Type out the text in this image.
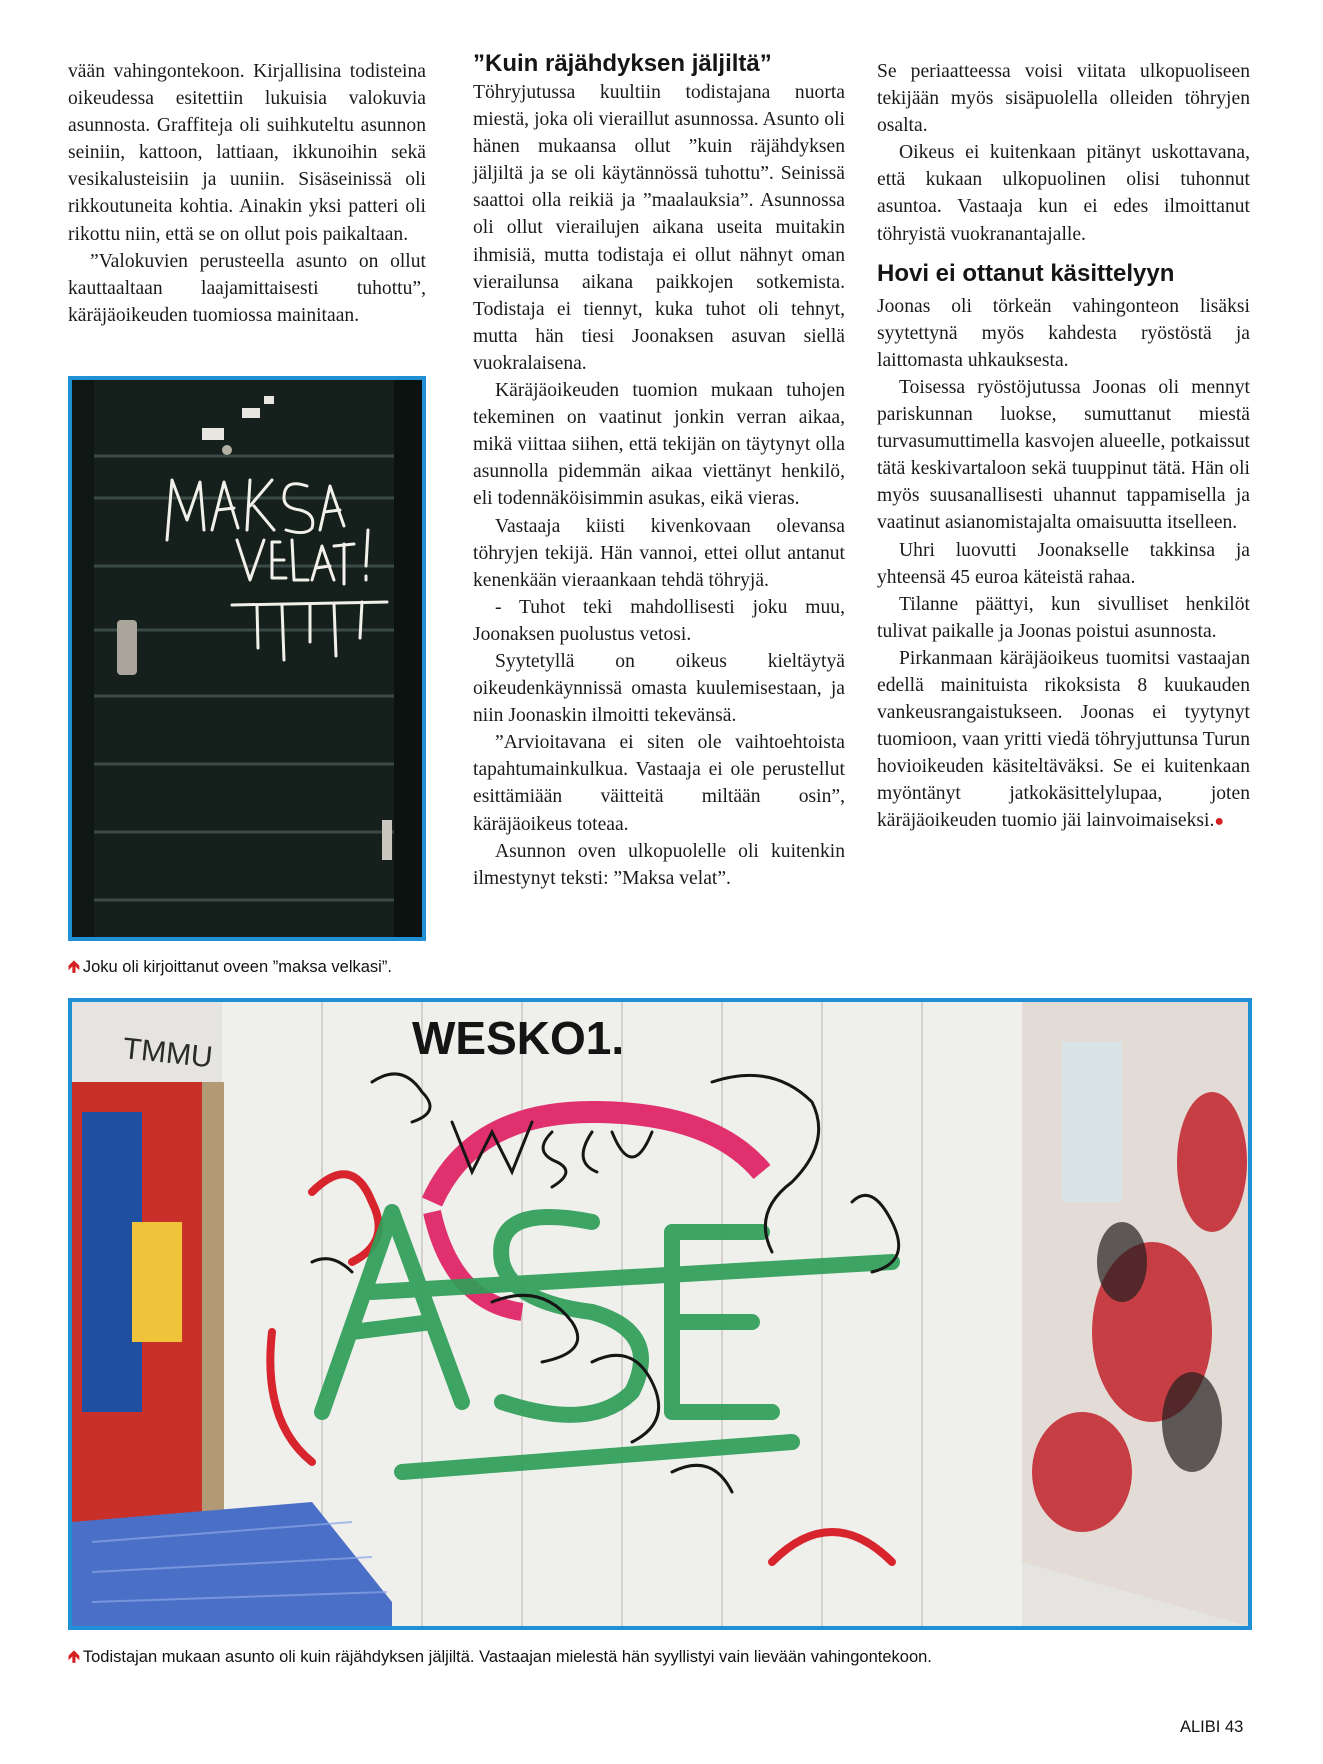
vään vahingontekoon. Kirjallisina todisteina oikeudessa esitettiin lukuisia valokuvia asunnosta. Graffiteja oli suihkuteltu asunnon seiniin, kattoon, lattiaan, ikkunoihin sekä vesikalusteisiin ja uuniin. Sisäseinissä oli rikkoutuneita kohtia. Ainakin yksi patteri oli rikottu niin, että se on ollut pois paikaltaan.

”Valokuvien perusteella asunto on ollut kauttaaltaan laajamittaisesti tuhottu”, käräjäoikeuden tuomiossa mainitaan.

🡹 Joku oli kirjoittanut oveen ”maksa velkasi”.
”Kuin räjähdyksen jäljiltä”

Töhryjutussa kuultiin todistajana nuorta miestä, joka oli vieraillut asunnossa. Asunto oli hänen mukaansa ollut ”kuin räjähdyksen jäljiltä ja se oli käytännössä tuhottu”. Seinissä saattoi olla reikiä ja ”maalauksia”. Asunnossa oli ollut vierailujen aikana useita muitakin ihmisiä, mutta todistaja ei ollut nähnyt oman vierailunsa aikana paikkojen sotkemista. Todistaja ei tiennyt, kuka tuhot oli tehnyt, mutta hän tiesi Joonaksen asuvan siellä vuokralaisena.

Käräjäoikeuden tuomion mukaan tuhojen tekeminen on vaatinut jonkin verran aikaa, mikä viittaa siihen, että tekijän on täytynyt olla asunnolla pidemmän aikaa viettänyt henkilö, eli todennäköisimmin asukas, eikä vieras.

Vastaaja kiisti kivenkovaan olevansa töhryjen tekijä. Hän vannoi, ettei ollut antanut kenenkään vieraankaan tehdä töhryjä.

- Tuhot teki mahdollisesti joku muu, Joonaksen puolustus vetosi.

Syytetyllä on oikeus kieltäytyä oikeudenkäynnissä omasta kuulemisestaan, ja niin Joonaskin ilmoitti tekevänsä.

”Arvioitavana ei siten ole vaihtoehtoista tapahtumainkulkua. Vastaaja ei ole perustellut esittämiään väitteitä miltään osin”, käräjäoikeus toteaa.

Asunnon oven ulkopuolelle oli kuitenkin ilmestynyt teksti: ”Maksa velat”.

Se periaatteessa voisi viitata ulkopuoliseen tekijään myös sisäpuolella olleiden töhryjen osalta.

Oikeus ei kuitenkaan pitänyt uskottavana, että kukaan ulkopuolinen olisi tuhonnut asuntoa. Vastaaja kun ei edes ilmoittanut töhryistä vuokranantajalle.

Hovi ei ottanut käsittelyyn

Joonas oli törkeän vahingonteon lisäksi syytettynä myös kahdesta ryöstöstä ja laittomasta uhkauksesta.

Toisessa ryöstöjutussa Joonas oli mennyt pariskunnan luokse, sumuttanut miestä turvasumuttimella kasvojen alueelle, potkaissut tätä keskivartaloon sekä tuuppinut tätä. Hän oli myös suusanallisesti uhannut tappamisella ja vaatinut asianomistajalta omaisuutta itselleen.

Uhri luovutti Joonakselle takkinsa ja yhteensä 45 euroa käteistä rahaa.

Tilanne päättyi, kun sivulliset henkilöt tulivat paikalle ja Joonas poistui asunnosta.

Pirkanmaan käräjäoikeus tuomitsi vastaajan edellä mainituista rikoksista 8 kuukauden vankeusrangaistukseen. Joonas ei tyytynyt tuomioon, vaan yritti viedä töhryjuttunsa Turun hovioikeuden käsiteltäväksi. Se ei kuitenkaan myöntänyt jatkokäsittelylupaa, joten käräjäoikeuden tuomio jäi lainvoimaiseksi.●

WESKO1.
TMMU
🡹 Todistajan mukaan asunto oli kuin räjähdyksen jäljiltä. Vastaajan mielestä hän syyllistyi vain lievään vahingontekoon.
ALIBI 43
